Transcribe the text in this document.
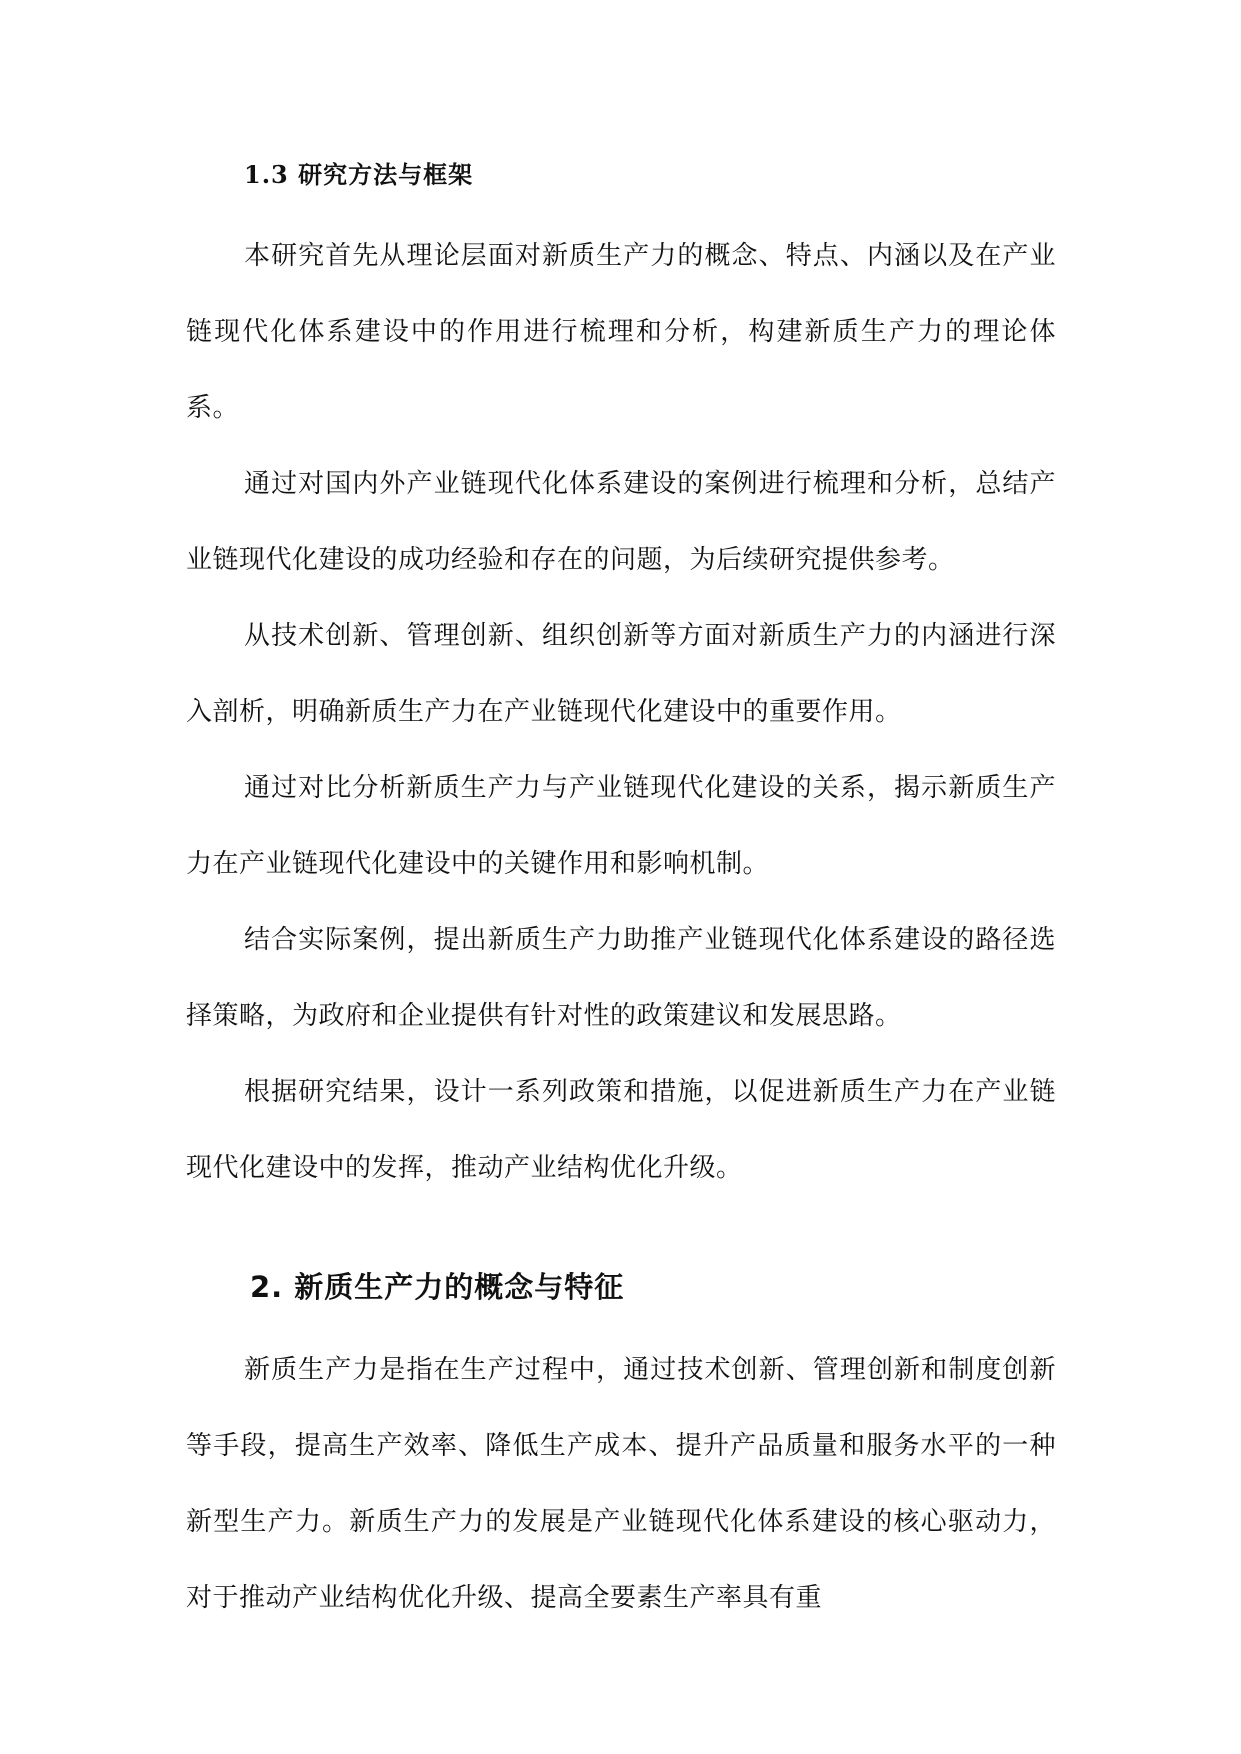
1.3 研究方法与框架

本研究首先从理论层面对新质生产力的概念、特点、内涵以及在产业链现代化体系建设中的作用进行梳理和分析，构建新质生产力的理论体系。

通过对国内外产业链现代化体系建设的案例进行梳理和分析，总结产业链现代化建设的成功经验和存在的问题，为后续研究提供参考。

从技术创新、管理创新、组织创新等方面对新质生产力的内涵进行深入剖析，明确新质生产力在产业链现代化建设中的重要作用。

通过对比分析新质生产力与产业链现代化建设的关系，揭示新质生产力在产业链现代化建设中的关键作用和影响机制。

结合实际案例，提出新质生产力助推产业链现代化体系建设的路径选择策略，为政府和企业提供有针对性的政策建议和发展思路。

根据研究结果，设计一系列政策和措施，以促进新质生产力在产业链现代化建设中的发挥，推动产业结构优化升级。

2. 新质生产力的概念与特征

新质生产力是指在生产过程中，通过技术创新、管理创新和制度创新等手段，提高生产效率、降低生产成本、提升产品质量和服务水平的一种新型生产力。新质生产力的发展是产业链现代化体系建设的核心驱动力，对于推动产业结构优化升级、提高全要素生产率具有重
